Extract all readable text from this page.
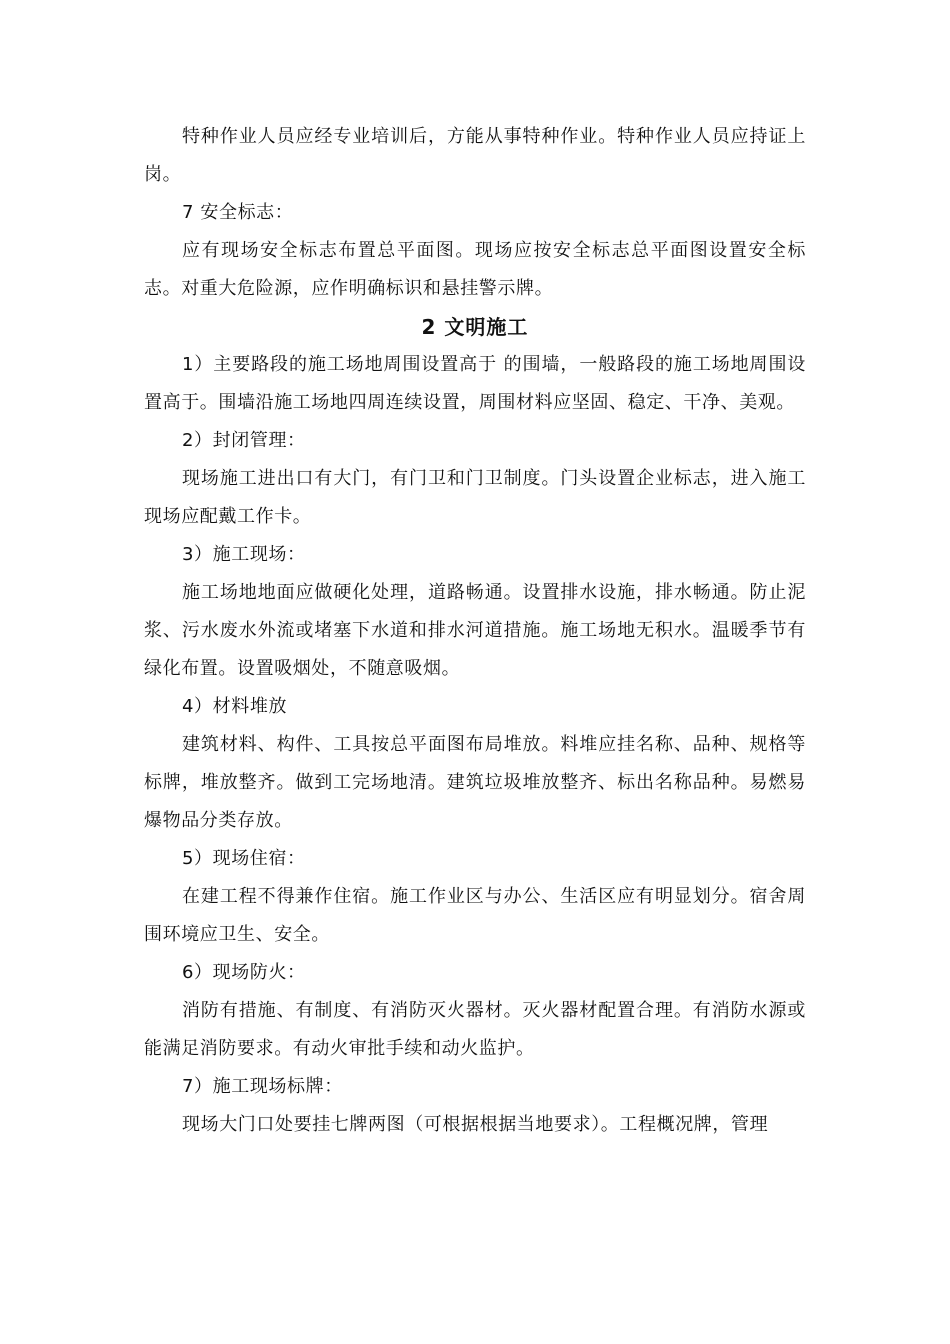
特种作业人员应经专业培训后，方能从事特种作业。特种作业人员应持证上岗。

7 安全标志：

应有现场安全标志布置总平面图。现场应按安全标志总平面图设置安全标志。对重大危险源，应作明确标识和悬挂警示牌。

2 文明施工

1）主要路段的施工场地周围设置高于 的围墙，一般路段的施工场地周围设置高于。围墙沿施工场地四周连续设置，周围材料应坚固、稳定、干净、美观。

2）封闭管理：

现场施工进出口有大门，有门卫和门卫制度。门头设置企业标志，进入施工现场应配戴工作卡。

3）施工现场：

施工场地地面应做硬化处理，道路畅通。设置排水设施，排水畅通。防止泥浆、污水废水外流或堵塞下水道和排水河道措施。施工场地无积水。温暖季节有绿化布置。设置吸烟处，不随意吸烟。

4）材料堆放

建筑材料、构件、工具按总平面图布局堆放。料堆应挂名称、品种、规格等标牌，堆放整齐。做到工完场地清。建筑垃圾堆放整齐、标出名称品种。易燃易爆物品分类存放。

5）现场住宿：

在建工程不得兼作住宿。施工作业区与办公、生活区应有明显划分。宿舍周围环境应卫生、安全。

6）现场防火：

消防有措施、有制度、有消防灭火器材。灭火器材配置合理。有消防水源或能满足消防要求。有动火审批手续和动火监护。

7）施工现场标牌：

现场大门口处要挂七牌两图（可根据根据当地要求）。工程概况牌，管理
